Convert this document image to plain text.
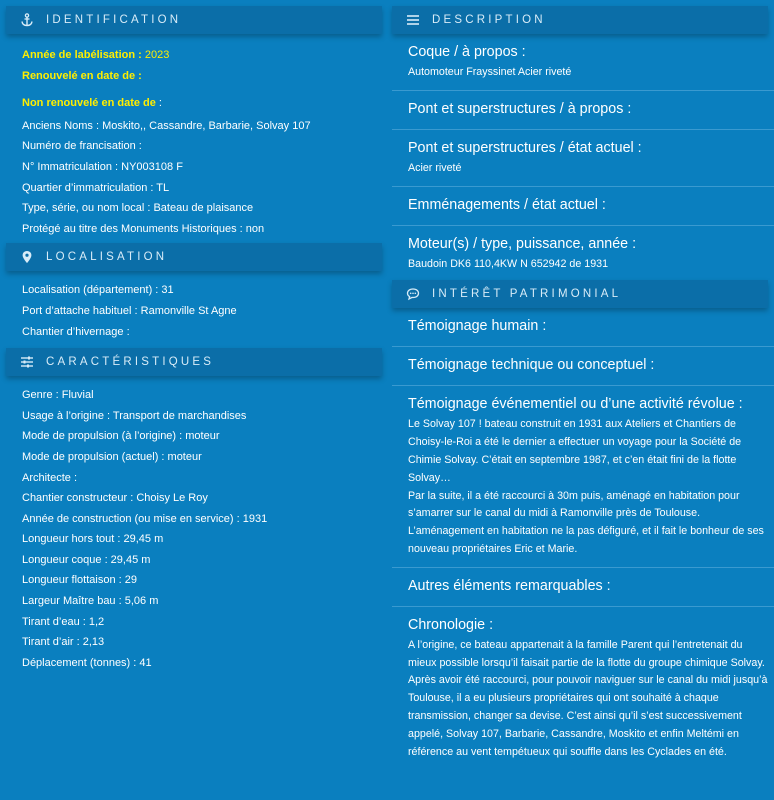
IDENTIFICATION
Année de labélisation : 2023
Renouvelé en date de :
Non renouvelé en date de :
Anciens Noms : Moskito,, Cassandre, Barbarie, Solvay 107
Numéro de francisation :
N° Immatriculation : NY003108 F
Quartier d’immatriculation : TL
Type, série, ou nom local : Bateau de plaisance
Protégé au titre des Monuments Historiques : non
LOCALISATION
Localisation (département) : 31
Port d’attache habituel : Ramonville St Agne
Chantier d’hivernage :
CARACTÉRISTIQUES
Genre : Fluvial
Usage à l’origine : Transport de marchandises
Mode de propulsion (à l’origine) : moteur
Mode de propulsion (actuel) : moteur
Architecte :
Chantier constructeur : Choisy Le Roy
Année de construction (ou mise en service) : 1931
Longueur hors tout : 29,45 m
Longueur coque : 29,45 m
Longueur flottaison : 29
Largeur Maître bau : 5,06 m
Tirant d’eau : 1,2
Tirant d’air : 2,13
Déplacement (tonnes) : 41
DESCRIPTION
Coque / à propos :
Automoteur Frayssinet Acier riveté
Pont et superstructures / à propos :
Pont et superstructures / état actuel :
Acier riveté
Emménagements / état actuel :
Moteur(s) / type, puissance, année :
Baudoin DK6 110,4KW N 652942 de 1931
INTÉRÊT PATRIMONIAL
Témoignage humain :
Témoignage technique ou conceptuel :
Témoignage événementiel ou d’une activité révolue :
Le Solvay 107 ! bateau construit en 1931 aux Ateliers et Chantiers de Choisy-le-Roi a été le dernier a effectuer un voyage pour la Société de Chimie Solvay. C’était en septembre 1987, et c’en était fini de la flotte Solvay…
Par la suite, il a été raccourci à 30m puis, aménagé en habitation pour s’amarrer sur le canal du midi à Ramonville près de Toulouse.
L’aménagement en habitation ne la pas défiguré, et il fait le bonheur de ses nouveau propriétaires Eric et Marie.
Autres éléments remarquables :
Chronologie :
A l’origine, ce bateau appartenait à la famille Parent qui l’entretenait du mieux possible lorsqu’il faisait partie de la flotte du groupe chimique Solvay.
Après avoir été raccourci, pour pouvoir naviguer sur le canal du midi jusqu’à Toulouse, il a eu plusieurs propriétaires qui ont souhaité à chaque transmission, changer sa devise. C’est ainsi qu’il s’est successivement appelé, Solvay 107, Barbarie, Cassandre, Moskito et enfin Meltémi en référence au vent tempétueux qui souffle dans les Cyclades en été.
